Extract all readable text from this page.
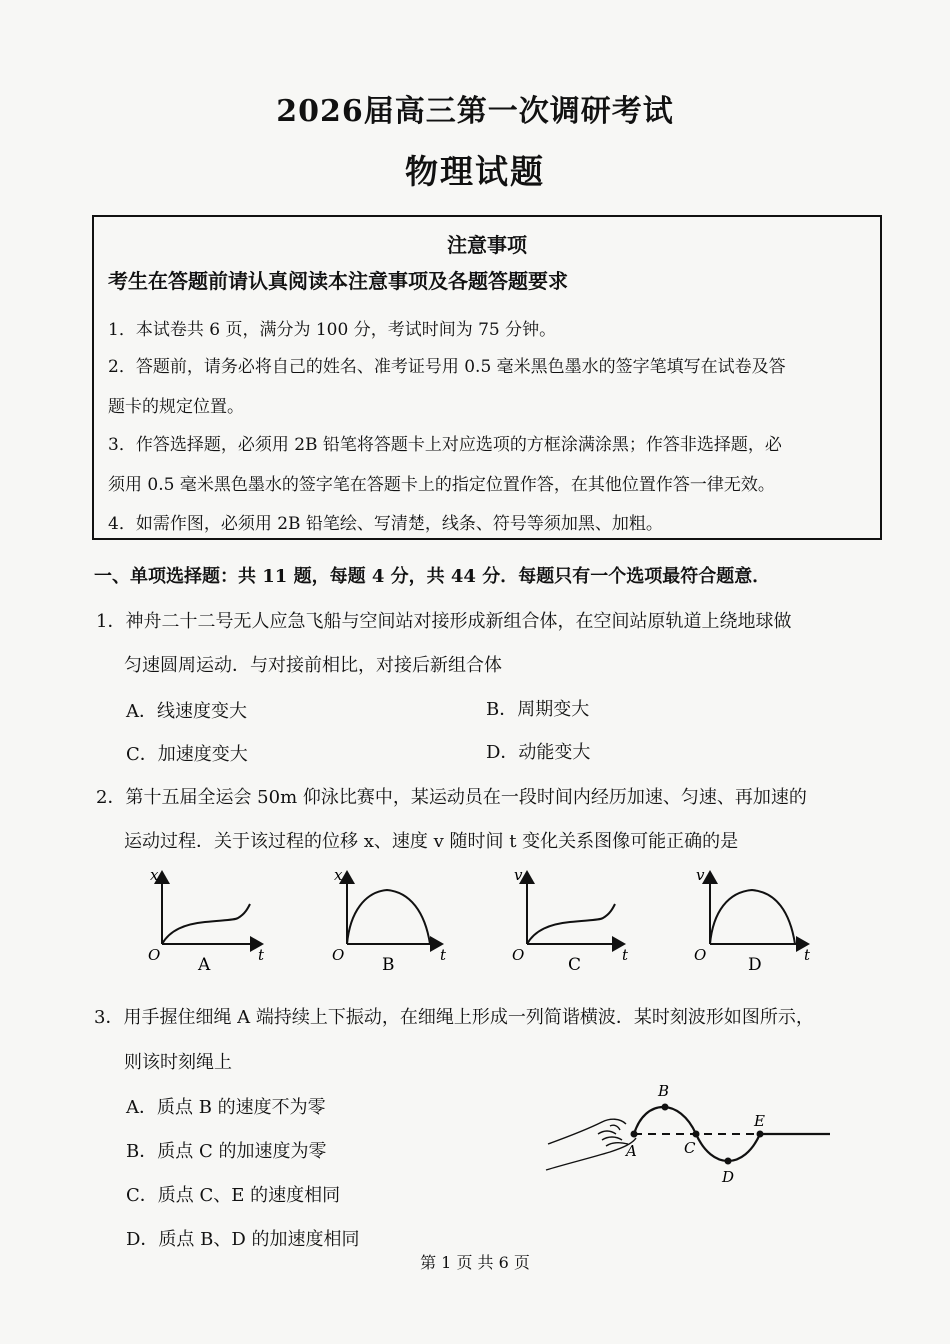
2026届高三第一次调研考试
物理试题
注意事项
考生在答题前请认真阅读本注意事项及各题答题要求
1．本试卷共 6 页，满分为 100 分，考试时间为 75 分钟。
2．答题前，请务必将自己的姓名、准考证号用 0.5 毫米黑色墨水的签字笔填写在试卷及答
题卡的规定位置。
3．作答选择题，必须用 2B 铅笔将答题卡上对应选项的方框涂满涂黑；作答非选择题，必
须用 0.5 毫米黑色墨水的签字笔在答题卡上的指定位置作答，在其他位置作答一律无效。
4．如需作图，必须用 2B 铅笔绘、写清楚，线条、符号等须加黑、加粗。
一、单项选择题：共 11 题，每题 4 分，共 44 分．每题只有一个选项最符合题意．
1．神舟二十二号无人应急飞船与空间站对接形成新组合体，在空间站原轨道上绕地球做
匀速圆周运动．与对接前相比，对接后新组合体
A．线速度变大	B．周期变大
C．加速度变大	D．动能变大
2．第十五届全运会 50m 仰泳比赛中，某运动员在一段时间内经历加速、匀速、再加速的
运动过程．关于该过程的位移 x、速度 v 随时间 t 变化关系图像可能正确的是
x
O	t
A
x
O	t
B
v
O	t
C
v
O	t
D
3．用手握住细绳 A 端持续上下振动，在细绳上形成一列简谐横波．某时刻波形如图所示，
则该时刻绳上
A．质点 B 的速度不为零
B．质点 C 的加速度为零
C．质点 C、E 的速度相同
D．质点 B、D 的加速度相同
A
B
C
D
E
第 1 页 共 6 页
